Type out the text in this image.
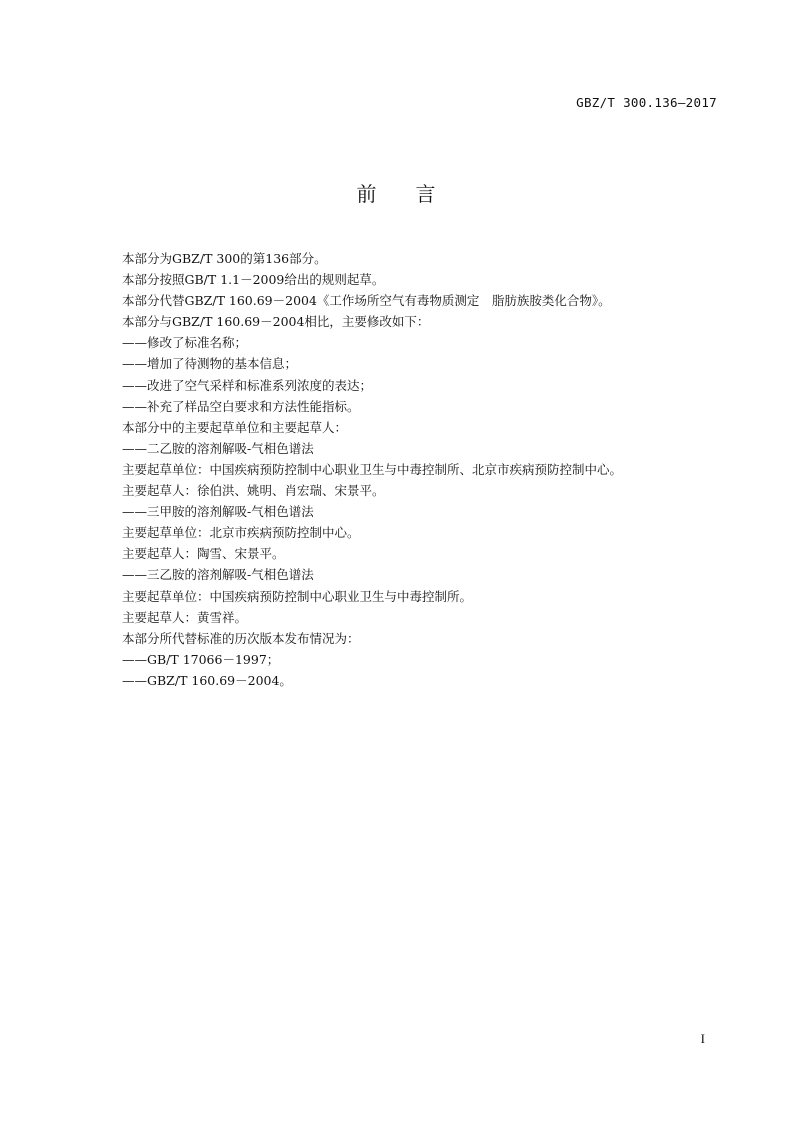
GBZ/T 300.136—2017
前 言
本部分为GBZ/T 300的第136部分。
本部分按照GB/T 1.1－2009给出的规则起草。
本部分代替GBZ/T 160.69－2004《工作场所空气有毒物质测定　脂肪族胺类化合物》。
本部分与GBZ/T 160.69－2004相比，主要修改如下：
——修改了标准名称；
——增加了待测物的基本信息；
——改进了空气采样和标准系列浓度的表达；
——补充了样品空白要求和方法性能指标。
本部分中的主要起草单位和主要起草人：
——二乙胺的溶剂解吸-气相色谱法
主要起草单位：中国疾病预防控制中心职业卫生与中毒控制所、北京市疾病预防控制中心。
主要起草人：徐伯洪、姚明、肖宏瑞、宋景平。
——三甲胺的溶剂解吸-气相色谱法
主要起草单位：北京市疾病预防控制中心。
主要起草人：陶雪、宋景平。
——三乙胺的溶剂解吸-气相色谱法
主要起草单位：中国疾病预防控制中心职业卫生与中毒控制所。
主要起草人：黄雪祥。
本部分所代替标准的历次版本发布情况为：
——GB/T 17066－1997；
——GBZ/T 160.69－2004。
I
